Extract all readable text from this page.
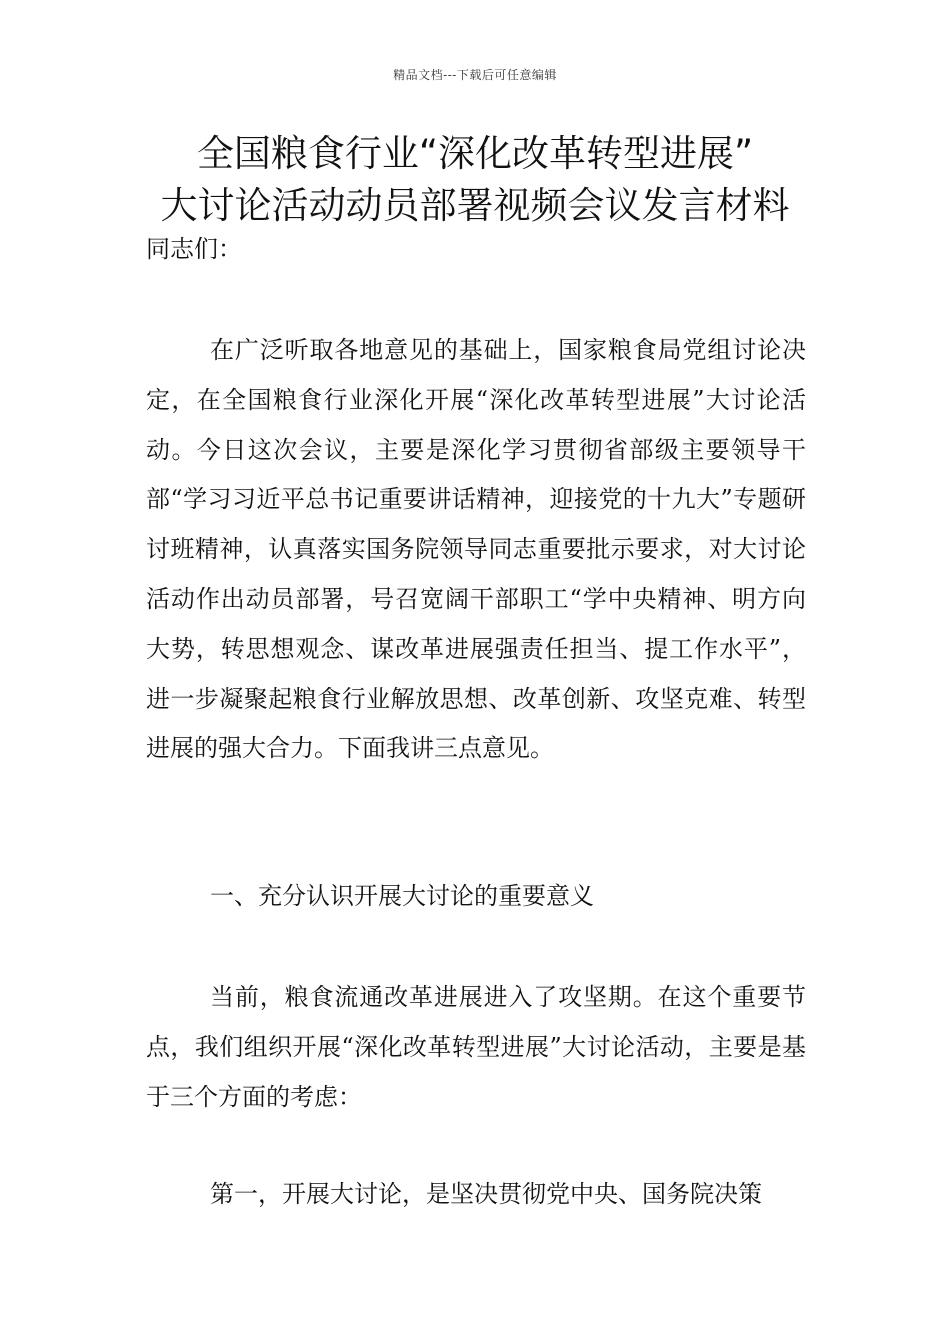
精品文档---下载后可任意编辑
全国粮食行业“深化改革转型进展”
大讨论活动动员部署视频会议发言材料
同志们：

在广泛听取各地意见的基础上，国家粮食局党组讨论决定，在全国粮食行业深化开展“深化改革转型进展”大讨论活动。今日这次会议，主要是深化学习贯彻省部级主要领导干部“学习习近平总书记重要讲话精神，迎接党的十九大”专题研讨班精神，认真落实国务院领导同志重要批示要求，对大讨论活动作出动员部署，号召宽阔干部职工“学中央精神、明方向大势，转思想观念、谋改革进展强责任担当、提工作水平”，进一步凝聚起粮食行业解放思想、改革创新、攻坚克难、转型进展的强大合力。下面我讲三点意见。

一、充分认识开展大讨论的重要意义

当前，粮食流通改革进展进入了攻坚期。在这个重要节点，我们组织开展“深化改革转型进展”大讨论活动，主要是基于三个方面的考虑：

第一，开展大讨论，是坚决贯彻党中央、国务院决策
